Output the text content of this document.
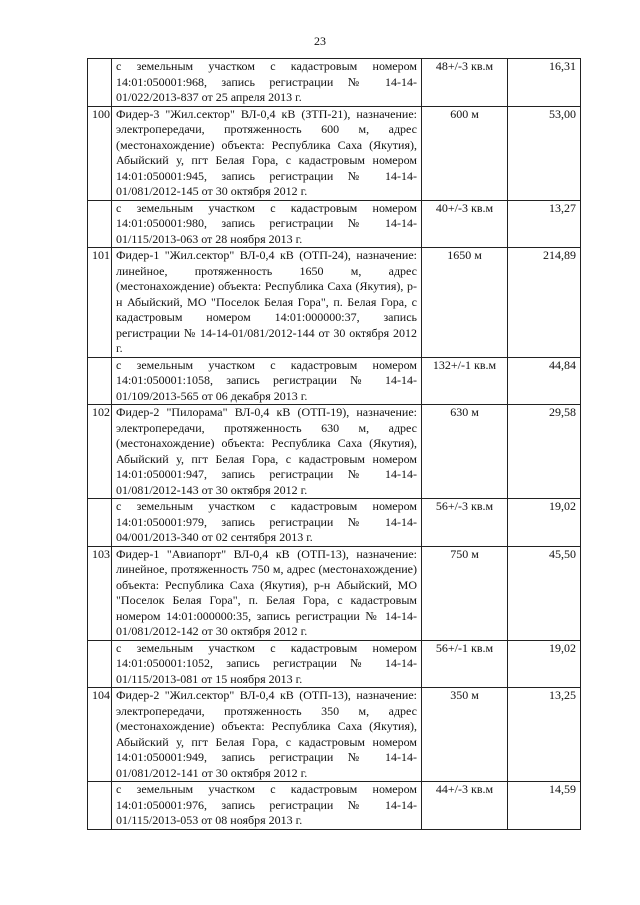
23
	с земельным участком с кадастровым номером 14:01:050001:968, запись регистрации № 14-14-01/022/2013-837 от 25 апреля 2013 г.	48+/-3 кв.м	16,31
100	Фидер-3 "Жил.сектор" ВЛ-0,4 кВ (ЗТП-21), назначение: электропередачи, протяженность 600 м, адрес (местонахождение) объекта: Республика Саха (Якутия), Абыйский у, пгт Белая Гора, с кадастровым номером 14:01:050001:945, запись регистрации № 14-14-01/081/2012-145 от 30 октября 2012 г.	600 м	53,00
	с земельным участком с кадастровым номером 14:01:050001:980, запись регистрации № 14-14-01/115/2013-063 от 28 ноября 2013 г.	40+/-3 кв.м	13,27
101	Фидер-1 "Жил.сектор" ВЛ-0,4 кВ (ОТП-24), назначение: линейное, протяженность 1650 м, адрес (местонахождение) объекта: Республика Саха (Якутия), р-н Абыйский, МО "Поселок Белая Гора", п. Белая Гора, с кадастровым номером 14:01:000000:37, запись регистрации № 14-14-01/081/2012-144 от 30 октября 2012 г.	1650 м	214,89
	с земельным участком с кадастровым номером 14:01:050001:1058, запись регистрации № 14-14-01/109/2013-565 от 06 декабря 2013 г.	132+/-1 кв.м	44,84
102	Фидер-2 "Пилорама" ВЛ-0,4 кВ (ОТП-19), назначение: электропередачи, протяженность 630 м, адрес (местонахождение) объекта: Республика Саха (Якутия), Абыйский у, пгт Белая Гора, с кадастровым номером 14:01:050001:947, запись регистрации № 14-14-01/081/2012-143 от 30 октября 2012 г.	630 м	29,58
	с земельным участком с кадастровым номером 14:01:050001:979, запись регистрации № 14-14-04/001/2013-340 от 02 сентября 2013 г.	56+/-3 кв.м	19,02
103	Фидер-1 "Авиапорт" ВЛ-0,4 кВ (ОТП-13), назначение: линейное, протяженность 750 м, адрес (местонахождение) объекта: Республика Саха (Якутия), р-н Абыйский, МО "Поселок Белая Гора", п. Белая Гора, с кадастровым номером 14:01:000000:35, запись регистрации № 14-14-01/081/2012-142 от 30 октября 2012 г.	750 м	45,50
	с земельным участком с кадастровым номером 14:01:050001:1052, запись регистрации № 14-14-01/115/2013-081 от 15 ноября 2013 г.	56+/-1 кв.м	19,02
104	Фидер-2 "Жил.сектор" ВЛ-0,4 кВ (ОТП-13), назначение: электропередачи, протяженность 350 м, адрес (местонахождение) объекта: Республика Саха (Якутия), Абыйский у, пгт Белая Гора, с кадастровым номером 14:01:050001:949, запись регистрации № 14-14-01/081/2012-141 от 30 октября 2012 г.	350 м	13,25
	с земельным участком с кадастровым номером 14:01:050001:976, запись регистрации № 14-14-01/115/2013-053 от 08 ноября 2013 г.	44+/-3 кв.м	14,59
